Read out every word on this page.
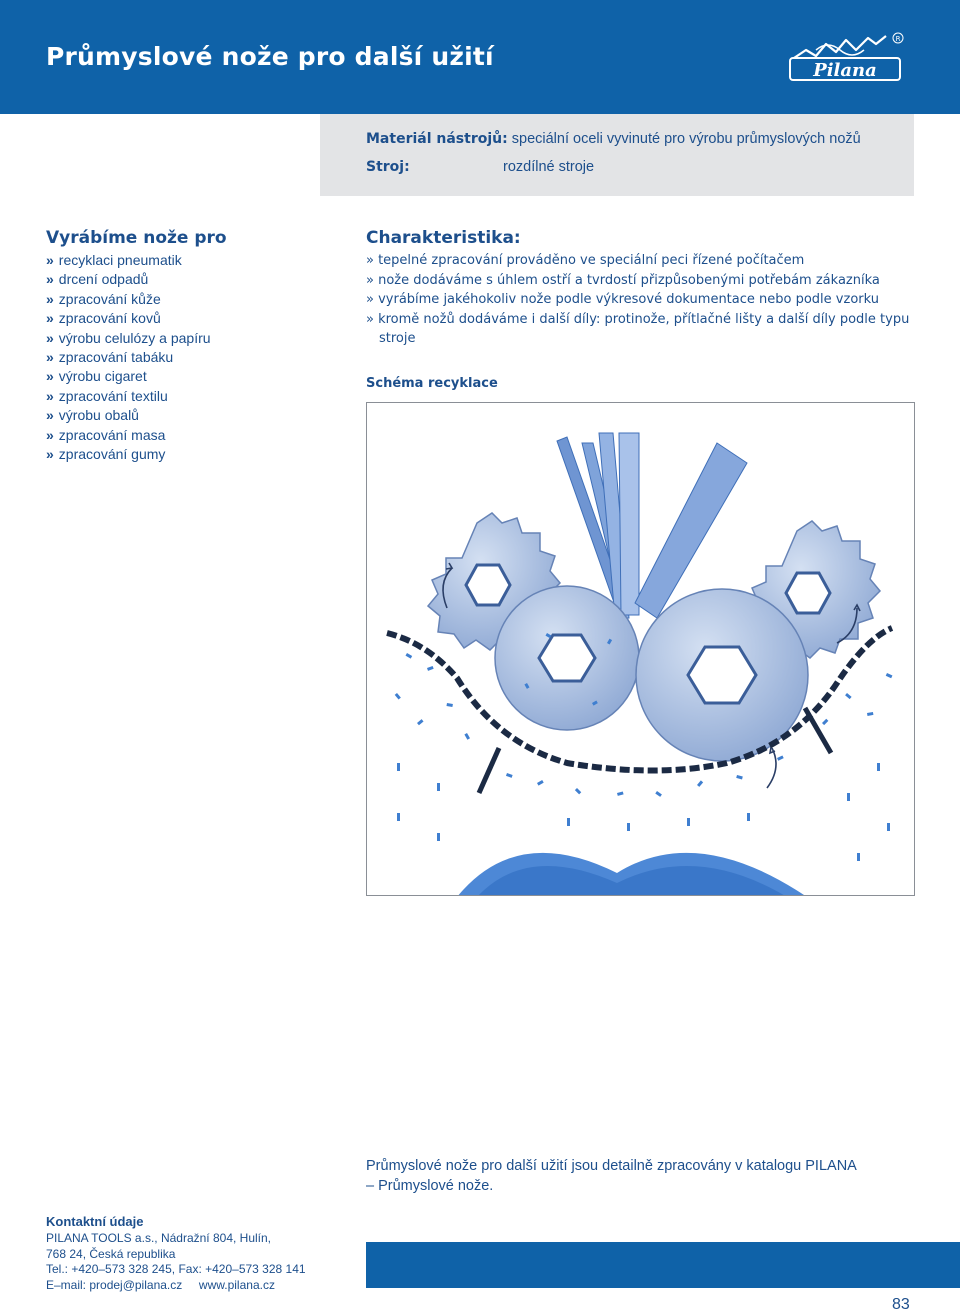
Průmyslové nože pro další užití	Pilana
R
Materiál nástrojů: speciální oceli vyvinuté pro výrobu průmyslových nožů
Stroj:	rozdílné stroje
Vyrábíme nože pro
» recyklaci pneumatik
» drcení odpadů
» zpracování kůže
» zpracování kovů
» výrobu celulózy a papíru
» zpracování tabáku
» výrobu cigaret
» zpracování textilu
» výrobu obalů
» zpracování masa
» zpracování gumy
Charakteristika:
» tepelné zpracování prováděno ve speciální peci řízené počítačem
» nože dodáváme s úhlem ostří a tvrdostí přizpůsobenými potřebám zákazníka
» vyrábíme jakéhokoliv nože podle výkresové dokumentace nebo podle vzorku
» kromě nožů dodáváme i další díly: protinože, přítlačné lišty a další díly podle typu stroje
Schéma recyklace
Průmyslové nože pro další užití jsou detailně zpracovány v katalogu PILANA – Průmyslové nože.
Kontaktní údaje
PILANA TOOLS a.s., Nádražní 804, Hulín,
768 24, Česká republika
Tel.: +420–573 328 245, Fax: +420–573 328 141
E–mail: prodej@pilana.cz     www.pilana.cz
83
